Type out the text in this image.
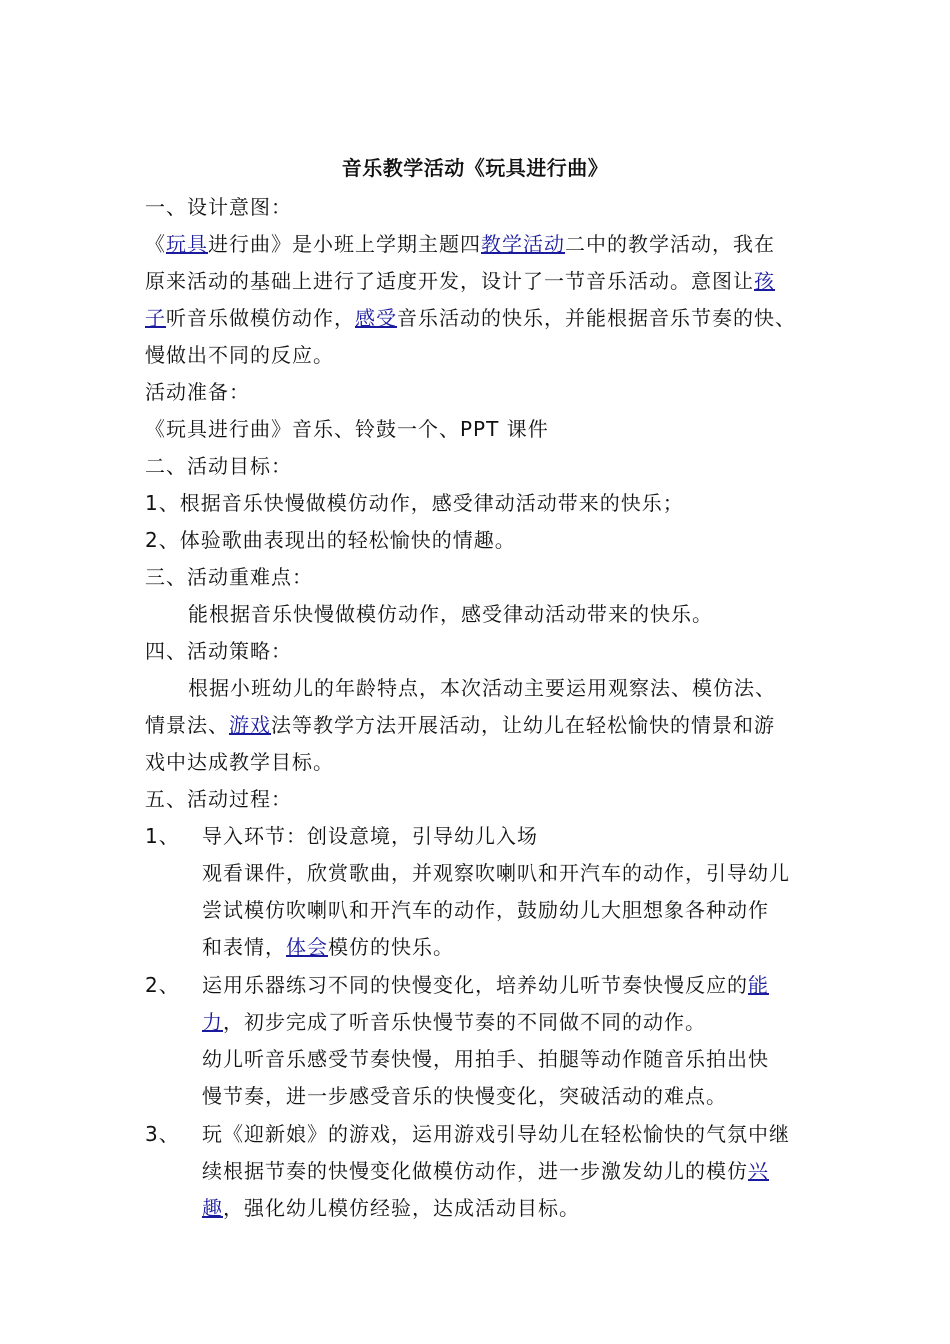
音乐教学活动《玩具进行曲》
一、设计意图：
《玩具进行曲》是小班上学期主题四教学活动二中的教学活动，我在
原来活动的基础上进行了适度开发，设计了一节音乐活动。意图让孩
子听音乐做模仿动作，感受音乐活动的快乐，并能根据音乐节奏的快、
慢做出不同的反应。
活动准备：
《玩具进行曲》音乐、铃鼓一个、PPT 课件
二、活动目标：
1、根据音乐快慢做模仿动作，感受律动活动带来的快乐；
2、体验歌曲表现出的轻松愉快的情趣。
三、活动重难点：
能根据音乐快慢做模仿动作，感受律动活动带来的快乐。
四、活动策略：
根据小班幼儿的年龄特点，本次活动主要运用观察法、模仿法、
情景法、游戏法等教学方法开展活动，让幼儿在轻松愉快的情景和游
戏中达成教学目标。
五、活动过程：
1、 导入环节：创设意境，引导幼儿入场
观看课件，欣赏歌曲，并观察吹喇叭和开汽车的动作，引导幼儿
尝试模仿吹喇叭和开汽车的动作，鼓励幼儿大胆想象各种动作
和表情，体会模仿的快乐。
2、 运用乐器练习不同的快慢变化，培养幼儿听节奏快慢反应的能
力，初步完成了听音乐快慢节奏的不同做不同的动作。
幼儿听音乐感受节奏快慢，用拍手、拍腿等动作随音乐拍出快
慢节奏，进一步感受音乐的快慢变化，突破活动的难点。
3、 玩《迎新娘》的游戏，运用游戏引导幼儿在轻松愉快的气氛中继
续根据节奏的快慢变化做模仿动作，进一步激发幼儿的模仿兴
趣，强化幼儿模仿经验，达成活动目标。
